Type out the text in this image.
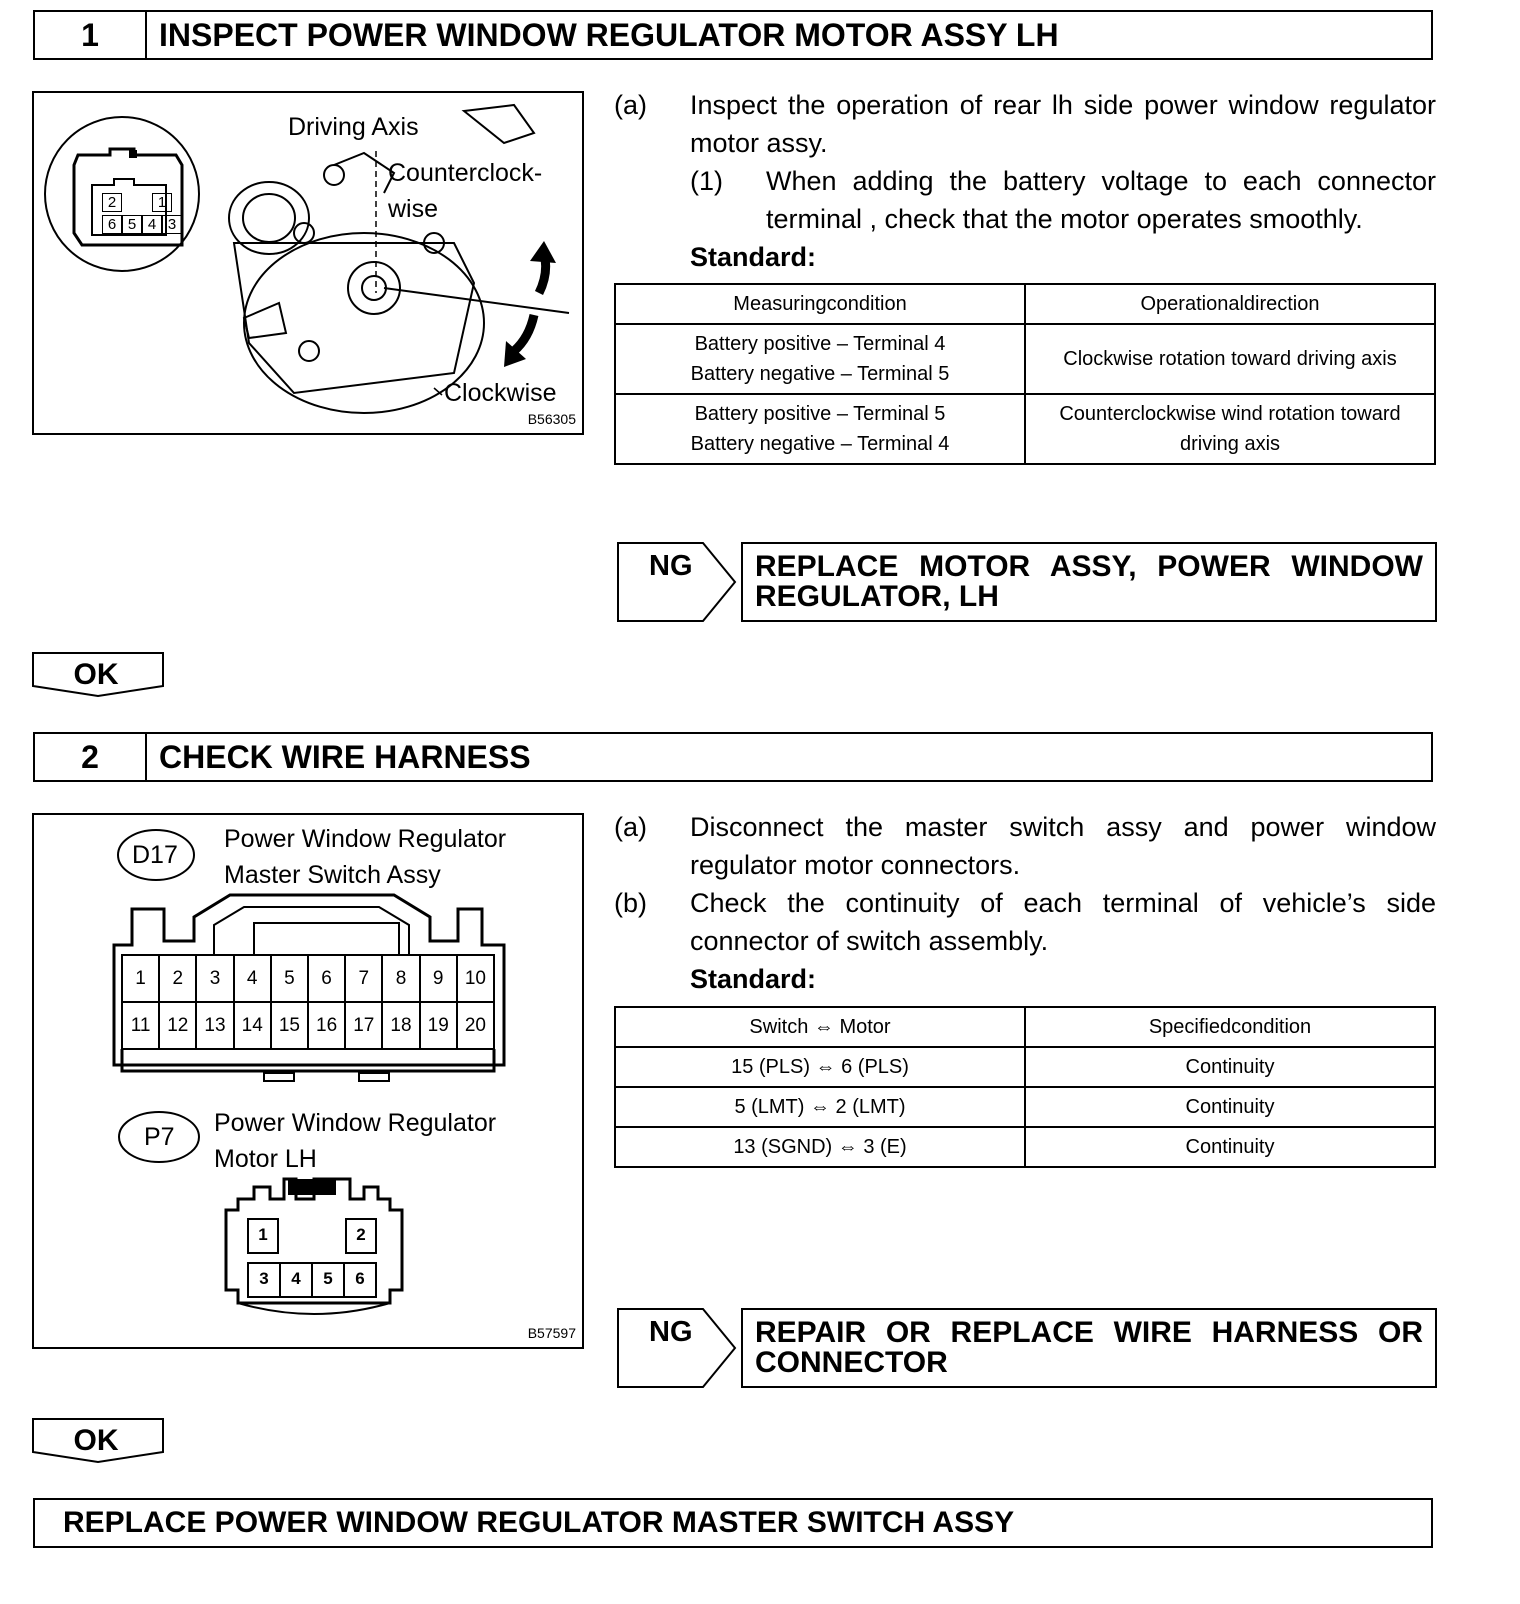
1	INSPECT POWER WINDOW REGULATOR MOTOR ASSY LH
2	1
6 5 4 3
Driving Axis
Counterclock-
wise
Clockwise
B56305
(a) Inspect the operation of rear lh side power window regulator motor assy.
(1) When adding the battery voltage to each connector terminal , check that the motor operates smoothly.
Standard:
Measuringcondition	Operationaldirection

Battery positive – Terminal 4
Battery negative – Terminal 5	Clockwise rotation toward driving axis

Battery positive – Terminal 5
Battery negative – Terminal 4	Counterclockwise wind rotation toward driving axis
NG	REPLACE MOTOR ASSY, POWER WINDOW REGULATOR, LH
OK
2	CHECK WIRE HARNESS
D17
Power Window Regulator
Master Switch Assy
1	2	3	4	5	6	7	8	9	10
11 12 13 14 15 16 17 18 19 20
P7 Power Window Regulator
Motor LH
1	2
3	4	5	6
B57597
(a) Disconnect the master switch assy and power window regulator motor connectors.
(b) Check the continuity of each terminal of vehicle’s side connector of switch assembly.
Standard:
Switch ⇔ Motor	Specifiedcondition
15 (PLS) ⇔ 6 (PLS)	Continuity
5 (LMT) ⇔ 2 (LMT)	Continuity
13 (SGND) ⇔ 3 (E)	Continuity
NG	REPAIR OR REPLACE WIRE HARNESS OR CONNECTOR
OK
REPLACE POWER WINDOW REGULATOR MASTER SWITCH ASSY
